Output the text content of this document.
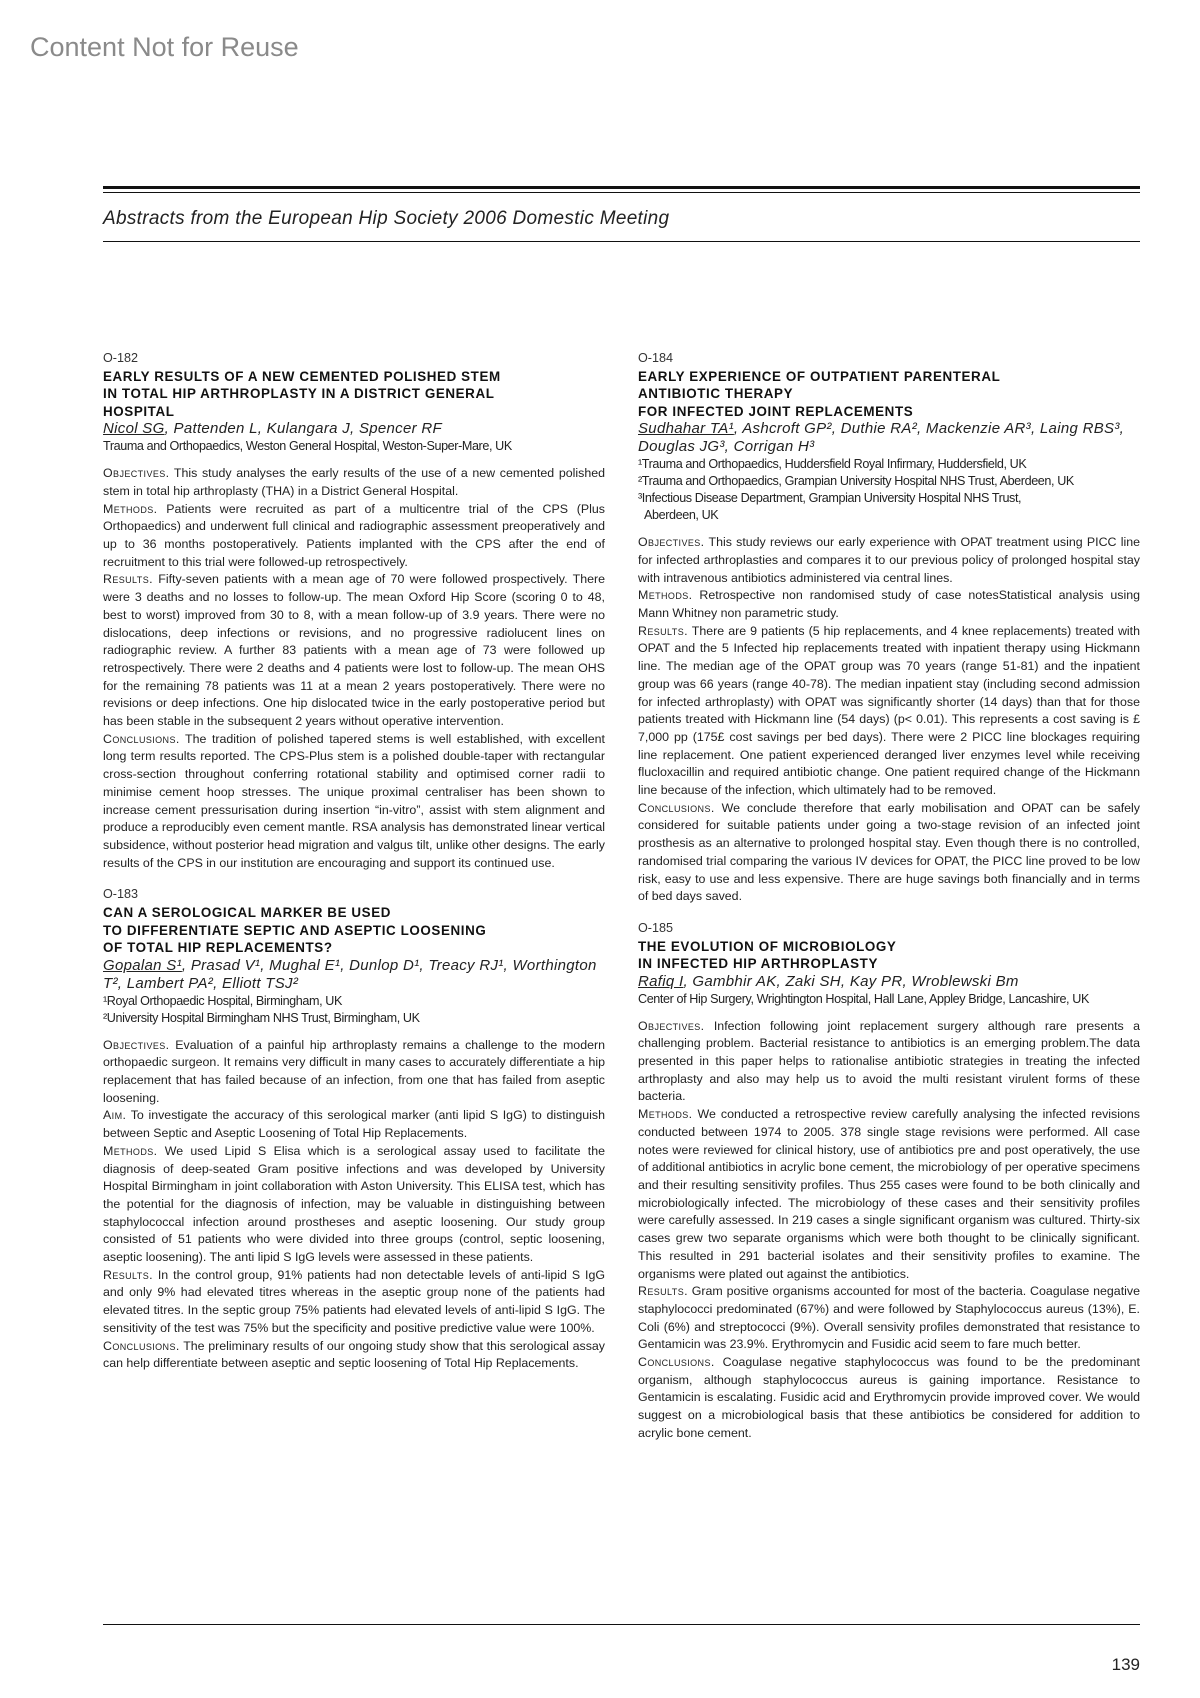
Content Not for Reuse
Abstracts from the European Hip Society 2006 Domestic Meeting
O-182
EARLY RESULTS OF A NEW CEMENTED POLISHED STEM
IN TOTAL HIP ARTHROPLASTY IN A DISTRICT GENERAL
HOSPITAL
Nicol SG, Pattenden L, Kulangara J, Spencer RF
Trauma and Orthopaedics, Weston General Hospital, Weston-Super-Mare, UK

Objectives. This study analyses the early results of the use of a new cemented polished stem in total hip arthroplasty (THA) in a District General Hospital.

Methods. Patients were recruited as part of a multicentre trial of the CPS (Plus Orthopaedics) and underwent full clinical and radiographic assessment preoperatively and up to 36 months postoperatively. Patients implanted with the CPS after the end of recruitment to this trial were followed-up retrospectively.

Results. Fifty-seven patients with a mean age of 70 were followed prospectively. There were 3 deaths and no losses to follow-up. The mean Oxford Hip Score (scoring 0 to 48, best to worst) improved from 30 to 8, with a mean follow-up of 3.9 years. There were no dislocations, deep infections or revisions, and no progressive radiolucent lines on radiographic review. A further 83 patients with a mean age of 73 were followed up retrospectively. There were 2 deaths and 4 patients were lost to follow-up. The mean OHS for the remaining 78 patients was 11 at a mean 2 years postoperatively. There were no revisions or deep infections. One hip dislocated twice in the early postoperative period but has been stable in the subsequent 2 years without operative intervention.

Conclusions. The tradition of polished tapered stems is well established, with excellent long term results reported. The CPS-Plus stem is a polished double-taper with rectangular cross-section throughout conferring rotational stability and optimised corner radii to minimise cement hoop stresses. The unique proximal centraliser has been shown to increase cement pressurisation during insertion “in-vitro”, assist with stem alignment and produce a reproducibly even cement mantle. RSA analysis has demonstrated linear vertical subsidence, without posterior head migration and valgus tilt, unlike other designs. The early results of the CPS in our institution are encouraging and support its continued use.

O-183
CAN A SEROLOGICAL MARKER BE USED
TO DIFFERENTIATE SEPTIC AND ASEPTIC LOOSENING
OF TOTAL HIP REPLACEMENTS?
Gopalan S¹, Prasad V¹, Mughal E¹, Dunlop D¹, Treacy RJ¹, Worthington T², Lambert PA², Elliott TSJ²
¹Royal Orthopaedic Hospital, Birmingham, UK
²University Hospital Birmingham NHS Trust, Birmingham, UK

Objectives. Evaluation of a painful hip arthroplasty remains a challenge to the modern orthopaedic surgeon. It remains very difficult in many cases to accurately differentiate a hip replacement that has failed because of an infection, from one that has failed from aseptic loosening.

Aim. To investigate the accuracy of this serological marker (anti lipid S IgG) to distinguish between Septic and Aseptic Loosening of Total Hip Replacements.

Methods. We used Lipid S Elisa which is a serological assay used to facilitate the diagnosis of deep-seated Gram positive infections and was developed by University Hospital Birmingham in joint collaboration with Aston University. This ELISA test, which has the potential for the diagnosis of infection, may be valuable in distinguishing between staphylococcal infection around prostheses and aseptic loosening. Our study group consisted of 51 patients who were divided into three groups (control, septic loosening, aseptic loosening). The anti lipid S IgG levels were assessed in these patients.

Results. In the control group, 91% patients had non detectable levels of anti-lipid S IgG and only 9% had elevated titres whereas in the aseptic group none of the patients had elevated titres. In the septic group 75% patients had elevated levels of anti-lipid S IgG. The sensitivity of the test was 75% but the specificity and positive predictive value were 100%.

Conclusions. The preliminary results of our ongoing study show that this serological assay can help differentiate between aseptic and septic loosening of Total Hip Replacements.

O-184
EARLY EXPERIENCE OF OUTPATIENT PARENTERAL
ANTIBIOTIC THERAPY
FOR INFECTED JOINT REPLACEMENTS
Sudhahar TA¹, Ashcroft GP², Duthie RA², Mackenzie AR³, Laing RBS³, Douglas JG³, Corrigan H³
¹Trauma and Orthopaedics, Huddersfield Royal Infirmary, Huddersfield, UK
²Trauma and Orthopaedics, Grampian University Hospital NHS Trust, Aberdeen, UK
³Infectious Disease Department, Grampian University Hospital NHS Trust,
Aberdeen, UK

Objectives. This study reviews our early experience with OPAT treatment using PICC line for infected arthroplasties and compares it to our previous policy of prolonged hospital stay with intravenous antibiotics administered via central lines.

Methods. Retrospective non randomised study of case notesStatistical analysis using Mann Whitney non parametric study.

Results. There are 9 patients (5 hip replacements, and 4 knee replacements) treated with OPAT and the 5 Infected hip replacements treated with inpatient therapy using Hickmann line. The median age of the OPAT group was 70 years (range 51-81) and the inpatient group was 66 years (range 40-78). The median inpatient stay (including second admission for infected arthroplasty) with OPAT was significantly shorter (14 days) than that for those patients treated with Hickmann line (54 days) (p< 0.01). This represents a cost saving is £ 7,000 pp (175£ cost savings per bed days). There were 2 PICC line blockages requiring line replacement. One patient experienced deranged liver enzymes level while receiving flucloxacillin and required antibiotic change. One patient required change of the Hickmann line because of the infection, which ultimately had to be removed.

Conclusions. We conclude therefore that early mobilisation and OPAT can be safely considered for suitable patients under going a two-stage revision of an infected joint prosthesis as an alternative to prolonged hospital stay. Even though there is no controlled, randomised trial comparing the various IV devices for OPAT, the PICC line proved to be low risk, easy to use and less expensive. There are huge savings both financially and in terms of bed days saved.

O-185
THE EVOLUTION OF MICROBIOLOGY
IN INFECTED HIP ARTHROPLASTY
Rafiq I, Gambhir AK, Zaki SH, Kay PR, Wroblewski Bm
Center of Hip Surgery, Wrightington Hospital, Hall Lane, Appley Bridge, Lancashire, UK

Objectives. Infection following joint replacement surgery although rare presents a challenging problem. Bacterial resistance to antibiotics is an emerging problem.The data presented in this paper helps to rationalise antibiotic strategies in treating the infected arthroplasty and also may help us to avoid the multi resistant virulent forms of these bacteria.

Methods. We conducted a retrospective review carefully analysing the infected revisions conducted between 1974 to 2005. 378 single stage revisions were performed. All case notes were reviewed for clinical history, use of antibiotics pre and post operatively, the use of additional antibiotics in acrylic bone cement, the microbiology of per operative specimens and their resulting sensitivity profiles. Thus 255 cases were found to be both clinically and microbiologically infected. The microbiology of these cases and their sensitivity profiles were carefully assessed. In 219 cases a single significant organism was cultured. Thirty-six cases grew two separate organisms which were both thought to be clinically significant. This resulted in 291 bacterial isolates and their sensitivity profiles to examine. The organisms were plated out against the antibiotics.

Results. Gram positive organisms accounted for most of the bacteria. Coagulase negative staphylococci predominated (67%) and were followed by Staphylococcus aureus (13%), E. Coli (6%) and streptococci (9%). Overall sensivity profiles demonstrated that resistance to Gentamicin was 23.9%. Erythromycin and Fusidic acid seem to fare much better.

Conclusions. Coagulase negative staphylococcus was found to be the predominant organism, although staphylococcus aureus is gaining importance. Resistance to Gentamicin is escalating. Fusidic acid and Erythromycin provide improved cover. We would suggest on a microbiological basis that these antibiotics be considered for addition to acrylic bone cement.

139
